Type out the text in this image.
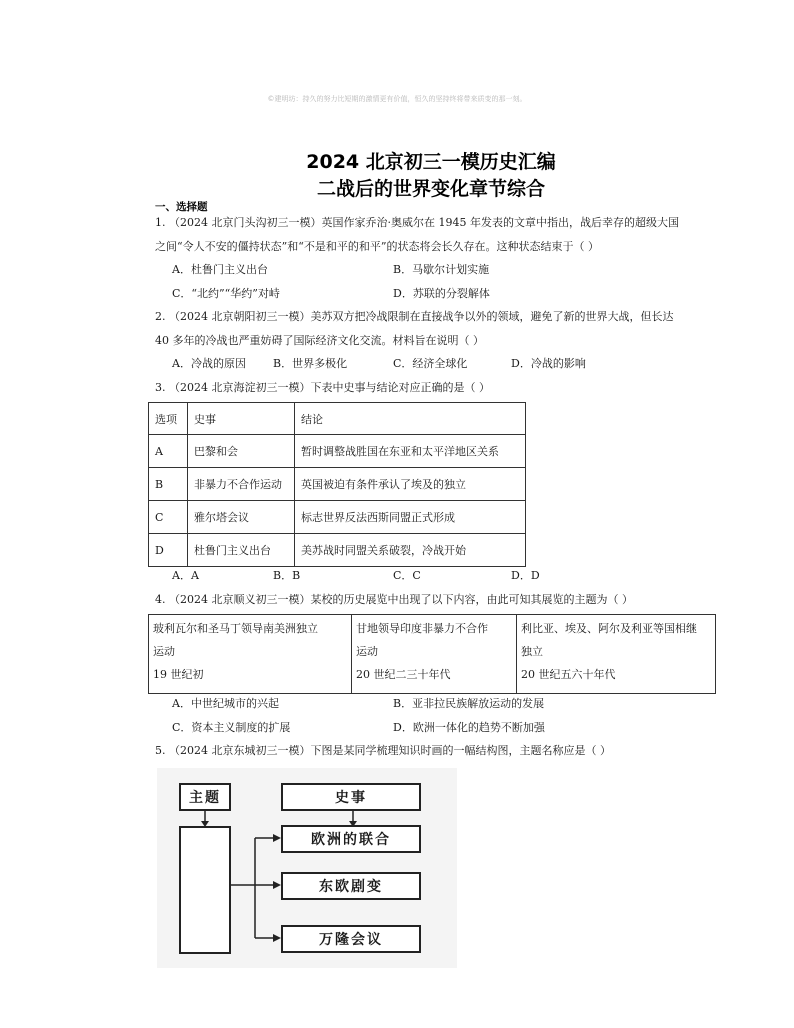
©建明坊：持久的努力比短期的激情更有价值，恒久的坚持终将带来质变的那一刻。
2024 北京初三一模历史汇编
二战后的世界变化章节综合
一、选择题
1. （2024 北京门头沟初三一模）英国作家乔治·奥威尔在 1945 年发表的文章中指出，战后幸存的超级大国
之间“令人不安的僵持状态”和“不是和平的和平”的状态将会长久存在。这种状态结束于（ ）
A．杜鲁门主义出台	B．马歇尔计划实施
C．“北约”“华约”对峙	D．苏联的分裂解体
2. （2024 北京朝阳初三一模）美苏双方把冷战限制在直接战争以外的领域，避免了新的世界大战，但长达
40 多年的冷战也严重妨碍了国际经济文化交流。材料旨在说明（ ）
A．冷战的原因 B．世界多极化	C．经济全球化	D．冷战的影响
3. （2024 北京海淀初三一模）下表中史事与结论对应正确的是（ ）
选项	史事	结论
A	巴黎和会	暂时调整战胜国在东亚和太平洋地区关系
B	非暴力不合作运动	英国被迫有条件承认了埃及的独立
C	雅尔塔会议	标志世界反法西斯同盟正式形成
D	杜鲁门主义出台	美苏战时同盟关系破裂，冷战开始
A．A	B．B	C．C	D．D
4. （2024 北京顺义初三一模）某校的历史展览中出现了以下内容，由此可知其展览的主题为（ ）
玻利瓦尔和圣马丁领导南美洲独立
运动
19 世纪初

甘地领导印度非暴力不合作
运动
20 世纪二三十年代

利比亚、埃及、阿尔及利亚等国相继
独立
20 世纪五六十年代
A．中世纪城市的兴起	B．亚非拉民族解放运动的发展
C．资本主义制度的扩展	D．欧洲一体化的趋势不断加强
5. （2024 北京东城初三一模）下图是某同学梳理知识时画的一幅结构图，主题名称应是（ ）
主题	史事
欧洲的联合
东欧剧变
万隆会议
